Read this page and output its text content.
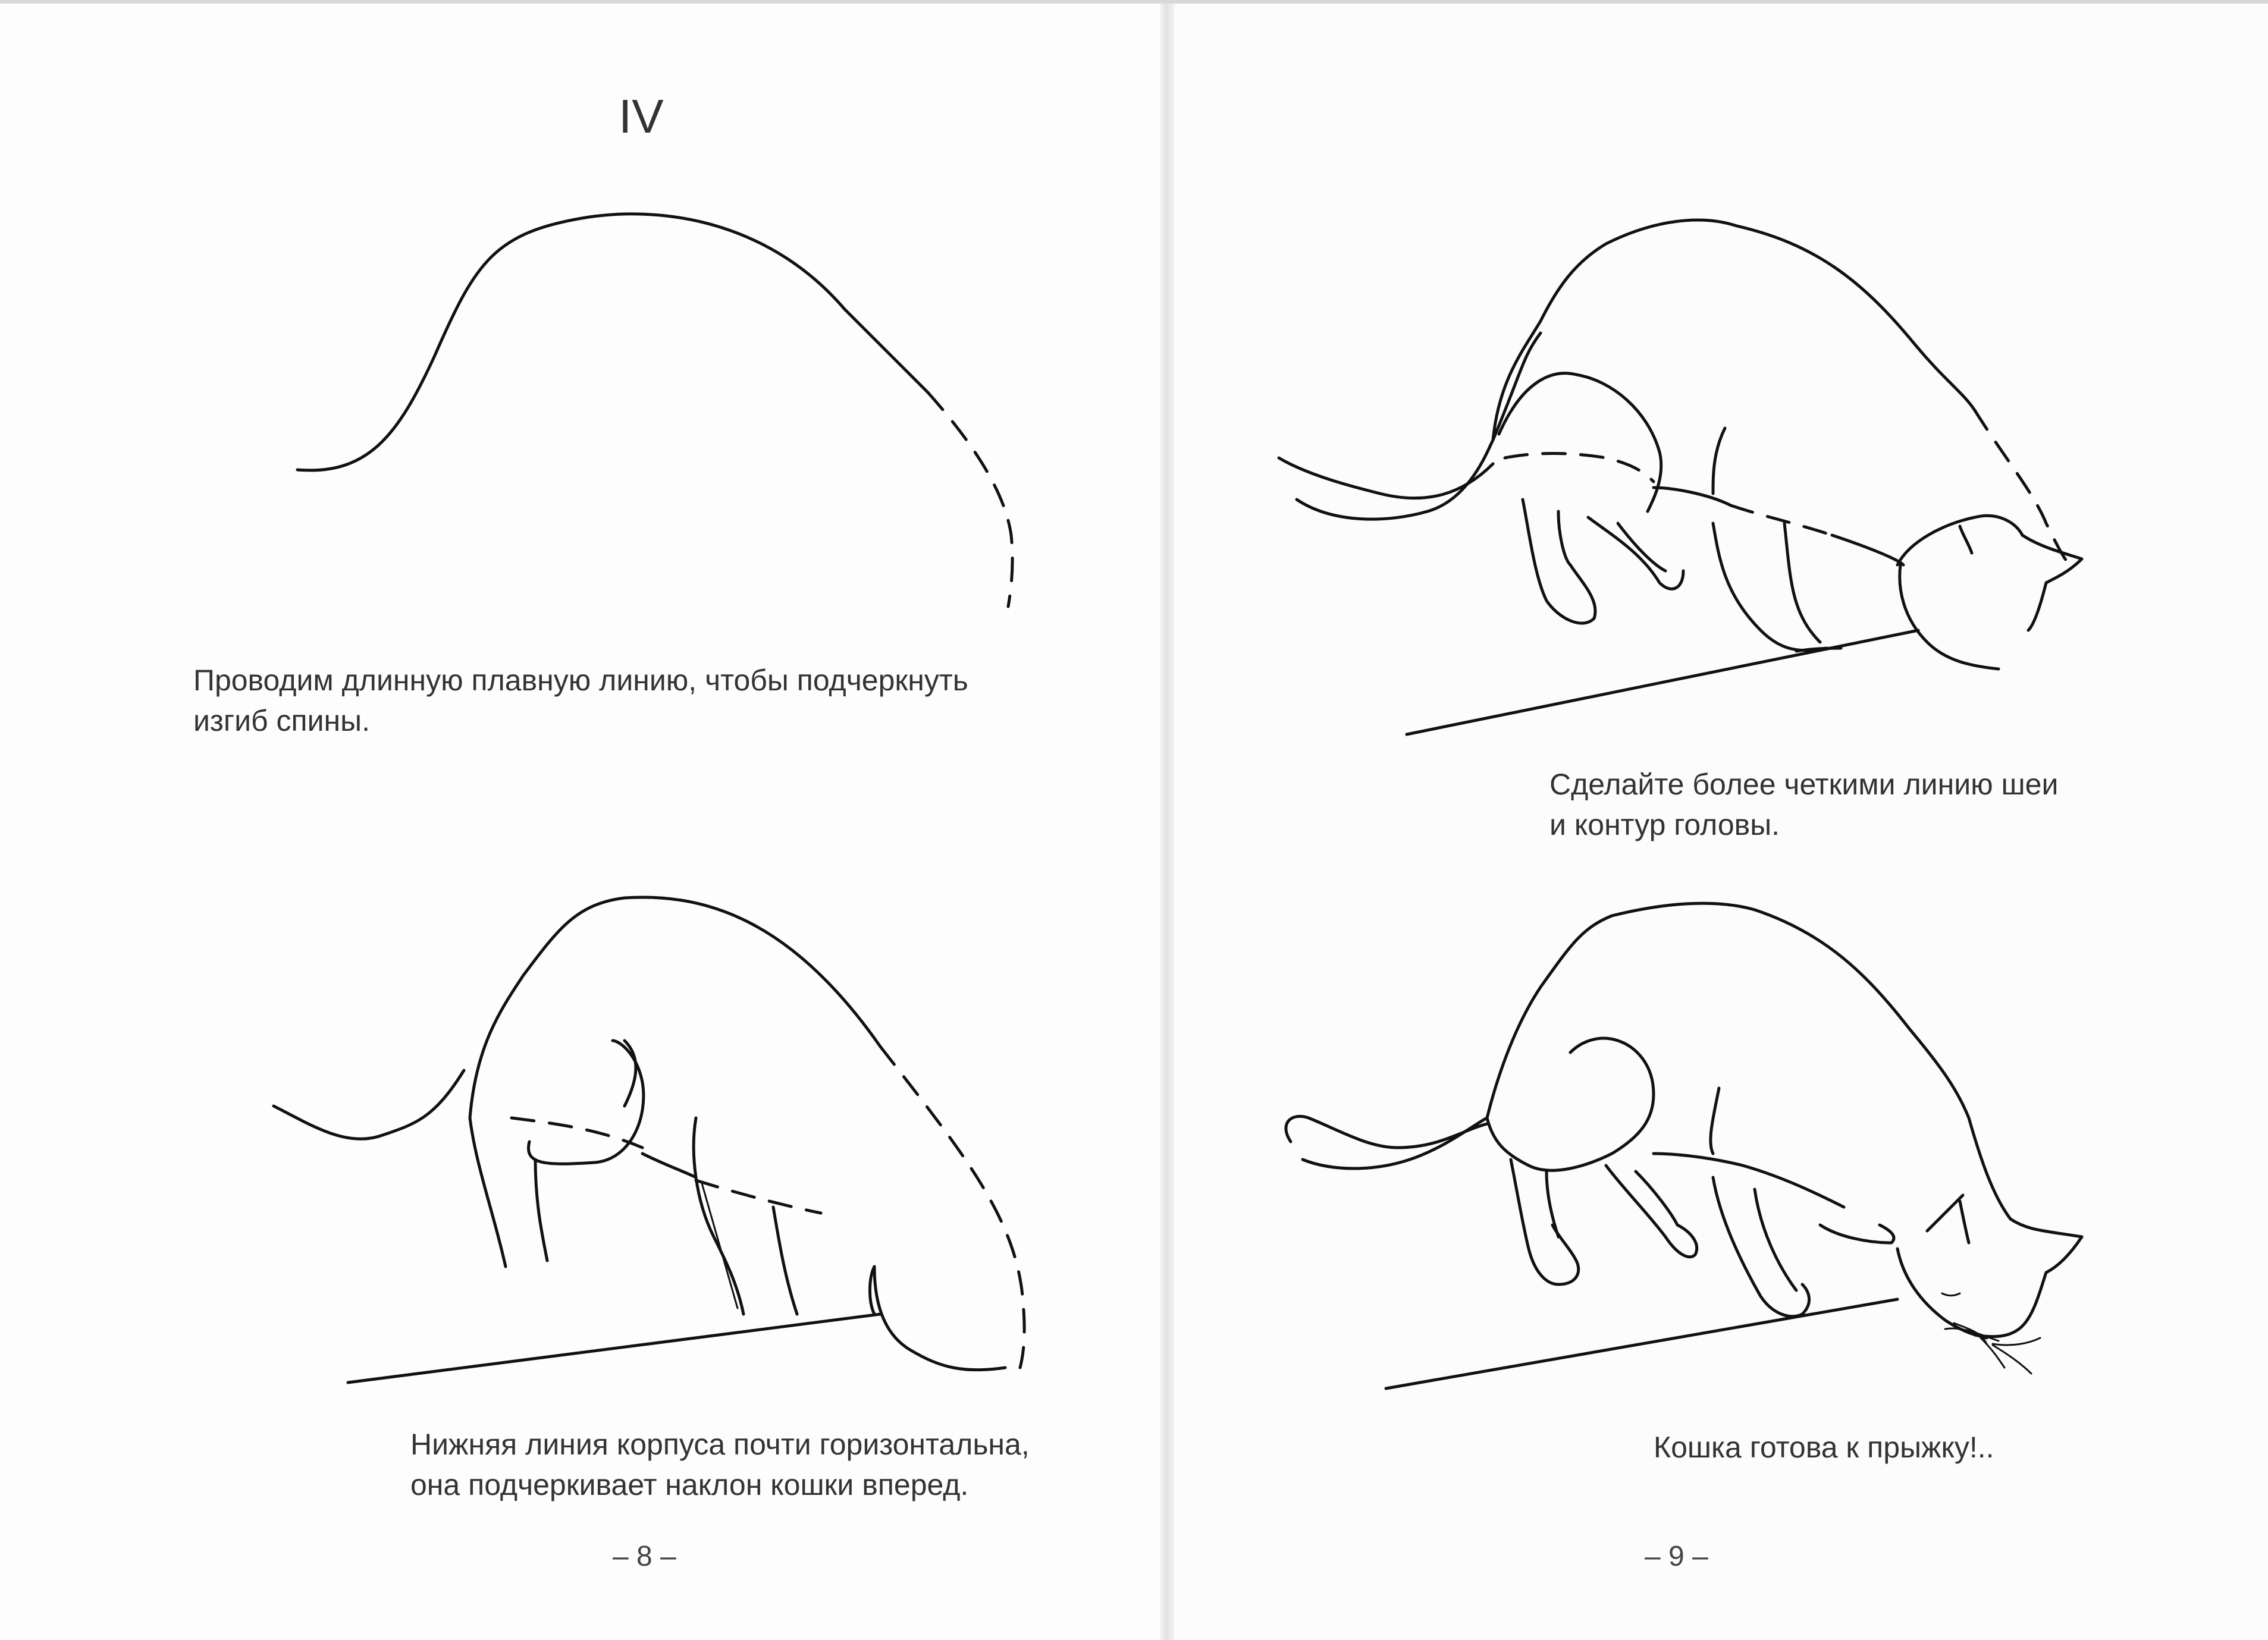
IV
Проводим длинную плавную линию, чтобы подчеркнуть
изгиб спины.
Нижняя линия корпуса почти горизонтальна,
она подчеркивает наклон кошки вперед.
– 8 –
Сделайте более четкими линию шеи
и контур головы.
Кошка готова к прыжку!..
– 9 –
